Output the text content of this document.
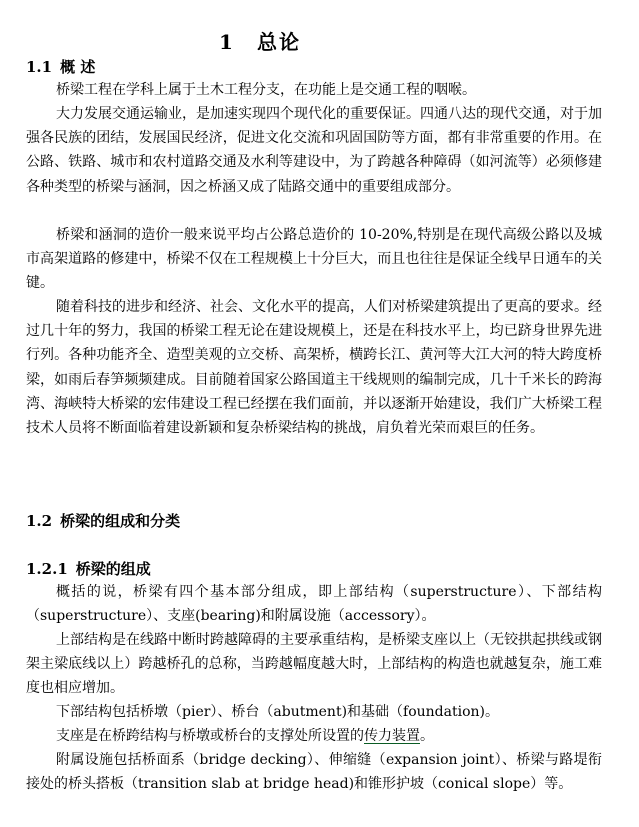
1 总论
1.1 概 述

桥梁工程在学科上属于土木工程分支，在功能上是交通工程的咽喉。

大力发展交通运输业，是加速实现四个现代化的重要保证。四通八达的现代交通，对于加强各民族的团结，发展国民经济，促进文化交流和巩固国防等方面，都有非常重要的作用。在公路、铁路、城市和农村道路交通及水利等建设中，为了跨越各种障碍（如河流等）必须修建各种类型的桥梁与涵洞，因之桥涵又成了陆路交通中的重要组成部分。

桥梁和涵洞的造价一般来说平均占公路总造价的 10-20%,特别是在现代高级公路以及城市高架道路的修建中，桥梁不仅在工程规模上十分巨大，而且也往往是保证全线早日通车的关键。

随着科技的进步和经济、社会、文化水平的提高，人们对桥梁建筑提出了更高的要求。经过几十年的努力，我国的桥梁工程无论在建设规模上，还是在科技水平上，均已跻身世界先进行列。各种功能齐全、造型美观的立交桥、高架桥，横跨长江、黄河等大江大河的特大跨度桥梁，如雨后春笋频频建成。目前随着国家公路国道主干线规则的编制完成，几十千米长的跨海湾、海峡特大桥梁的宏伟建设工程已经摆在我们面前，并以逐渐开始建设，我们广大桥梁工程技术人员将不断面临着建设新颖和复杂桥梁结构的挑战，肩负着光荣而艰巨的任务。

1.2 桥梁的组成和分类
1.2.1 桥梁的组成

概括的说，桥梁有四个基本部分组成，即上部结构（superstructure）、下部结构（superstructure）、支座(bearing)和附属设施（accessory）。

上部结构是在线路中断时跨越障碍的主要承重结构，是桥梁支座以上（无铰拱起拱线或钢架主梁底线以上）跨越桥孔的总称，当跨越幅度越大时，上部结构的构造也就越复杂，施工难度也相应增加。

下部结构包括桥墩（pier）、桥台（abutment)和基础（foundation)。

支座是在桥跨结构与桥墩或桥台的支撑处所设置的传力装置。

附属设施包括桥面系（bridge decking）、伸缩缝（expansion joint）、桥梁与路堤衔接处的桥头搭板（transition slab at bridge head)和锥形护坡（conical slope）等。
